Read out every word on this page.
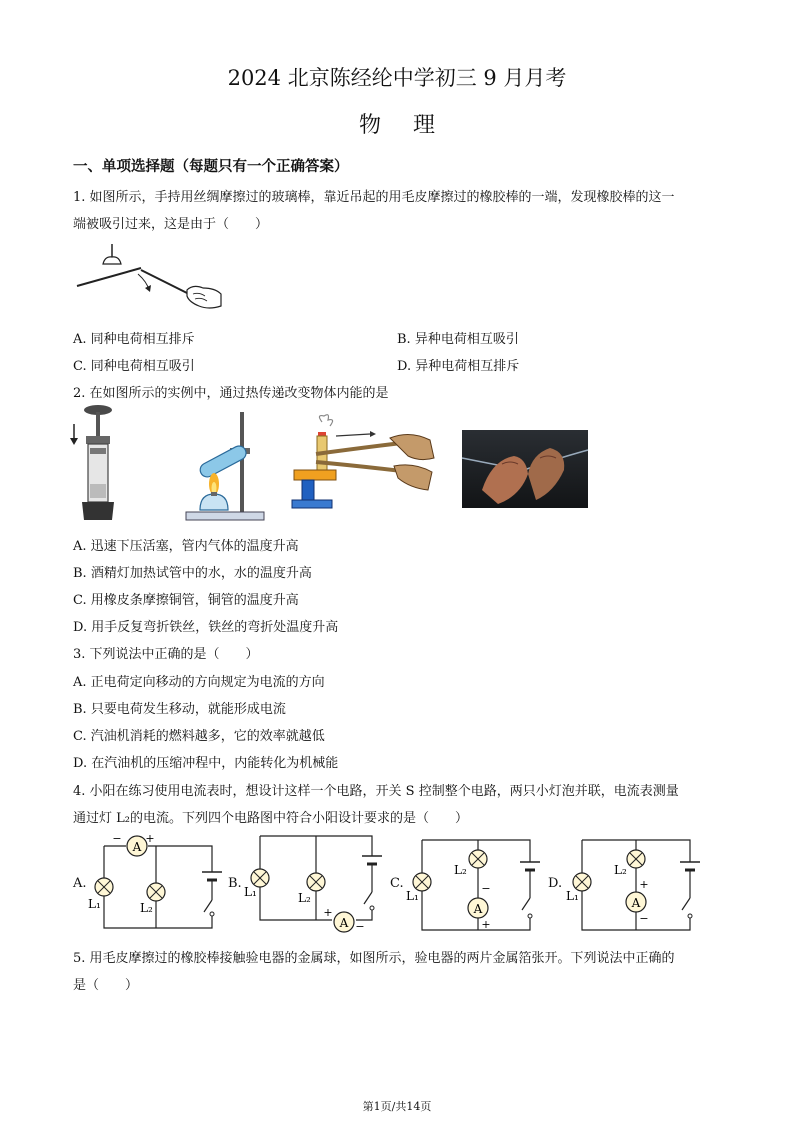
2024 北京陈经纶中学初三 9 月月考
物理
一、单项选择题（每题只有一个正确答案）
1. 如图所示，手持用丝绸摩擦过的玻璃棒，靠近吊起的用毛皮摩擦过的橡胶棒的一端，发现橡胶棒的这一
端被吸引过来，这是由于（　　）
A. 同种电荷相互排斥	B. 异种电荷相互吸引
C. 同种电荷相互吸引	D. 异种电荷相互排斥
2. 在如图所示的实例中，通过热传递改变物体内能的是
A. 迅速下压活塞，管内气体的温度升高
B. 酒精灯加热试管中的水，水的温度升高
C. 用橡皮条摩擦铜管，铜管的温度升高
D. 用手反复弯折铁丝，铁丝的弯折处温度升高
3. 下列说法中正确的是（　　）
A. 正电荷定向移动的方向规定为电流的方向
B. 只要电荷发生移动，就能形成电流
C. 汽油机消耗的燃料越多，它的效率就越低
D. 在汽油机的压缩冲程中，内能转化为机械能
4. 小阳在练习使用电流表时，想设计这样一个电路，开关 S 控制整个电路，两只小灯泡并联，电流表测量
通过灯 L₂的电流。下列四个电路图中符合小阳设计要求的是（　　）
A.	B.	C.	D.
A
− +
L₁	L₂
A
+
−
L₁	L₂
A
−
+
L₁
L₂
A
+
−
L₁
L₂
5. 用毛皮摩擦过的橡胶棒接触验电器的金属球，如图所示，验电器的两片金属箔张开。下列说法中正确的
是（　　）
第1页/共14页
